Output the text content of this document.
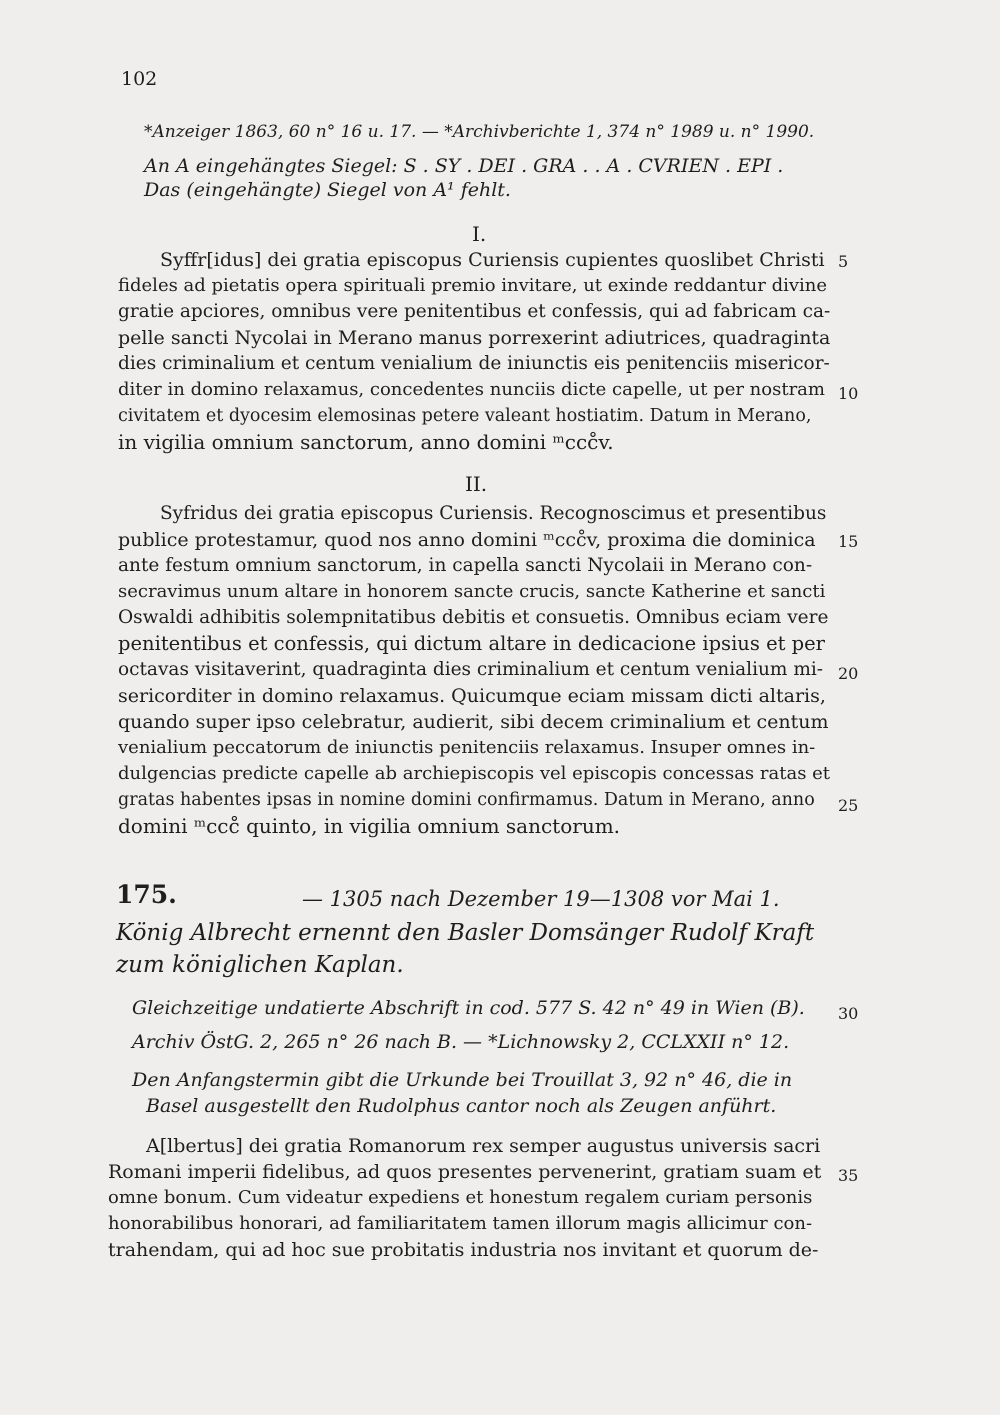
102

*Anzeiger 1863, 60 n° 16 u. 17. — *Archivberichte 1, 374 n° 1989 u. n° 1990.

An A eingehängtes Siegel: S . SY . DEI . GRA . . A . CVRIEN . EPI .

Das (eingehängte) Siegel von A¹ fehlt.

I.

Syffr[idus] dei gratia episcopus Curiensis cupientes quoslibet Christi

fideles ad pietatis opera spirituali premio invitare, ut exinde reddantur divine

gratie apciores, omnibus vere penitentibus et confessis, qui ad fabricam ca-

pelle sancti Nycolai in Merano manus porrexerint adiutrices, quadraginta

dies criminalium et centum venialium de iniunctis eis penitenciis misericor-

diter in domino relaxamus, concedentes nunciis dicte capelle, ut per nostram

civitatem et dyocesim elemosinas petere valeant hostiatim. Datum in Merano,

in vigilia omnium sanctorum, anno domini ᵐccc̊v.

5

10

II.

Syfridus dei gratia episcopus Curiensis. Recognoscimus et presentibus

publice protestamur, quod nos anno domini ᵐccc̊v, proxima die dominica

ante festum omnium sanctorum, in capella sancti Nycolaii in Merano con-

secravimus unum altare in honorem sancte crucis, sancte Katherine et sancti

Oswaldi adhibitis solempnitatibus debitis et consuetis. Omnibus eciam vere

penitentibus et confessis, qui dictum altare in dedicacione ipsius et per

octavas visitaverint, quadraginta dies criminalium et centum venialium mi-

sericorditer in domino relaxamus. Quicumque eciam missam dicti altaris,

quando super ipso celebratur, audierit, sibi decem criminalium et centum

venialium peccatorum de iniunctis penitenciis relaxamus. Insuper omnes in-

dulgencias predicte capelle ab archiepiscopis vel episcopis concessas ratas et

gratas habentes ipsas in nomine domini confirmamus. Datum in Merano, anno

domini ᵐccc̊ quinto, in vigilia omnium sanctorum.

15

20

25

175.	— 1305 nach Dezember 19—1308 vor Mai 1.

König Albrecht ernennt den Basler Domsänger Rudolf Kraft

zum königlichen Kaplan.

Gleichzeitige undatierte Abschrift in cod. 577 S. 42 n° 49 in Wien (B).

Archiv ÖstG. 2, 265 n° 26 nach B. — *Lichnowsky 2, CCLXXII n° 12.

30

Den Anfangstermin gibt die Urkunde bei Trouillat 3, 92 n° 46, die in

Basel ausgestellt den Rudolphus cantor noch als Zeugen anführt.

A[lbertus] dei gratia Romanorum rex semper augustus universis sacri

Romani imperii fidelibus, ad quos presentes pervenerint, gratiam suam et

omne bonum. Cum videatur expediens et honestum regalem curiam personis

honorabilibus honorari, ad familiaritatem tamen illorum magis allicimur con-

trahendam, qui ad hoc sue probitatis industria nos invitant et quorum de-

35
